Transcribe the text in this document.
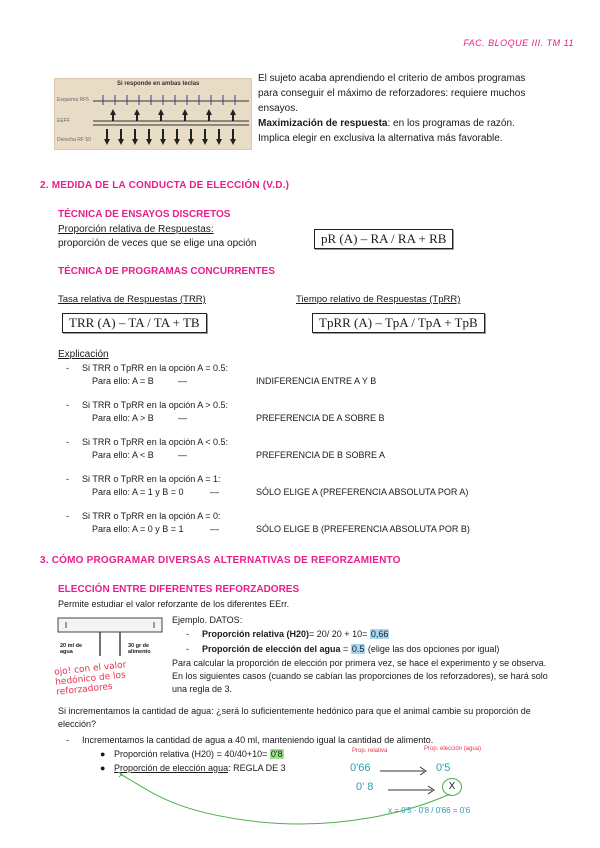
FAC. BLOQUE III. TM 11
Si responde en ambas teclas
Esquema RF5
EEFF
Derecha RF 50
El sujeto acaba aprendiendo el criterio de ambos programas para conseguir el máximo de reforzadores: requiere muchos ensayos.
Maximización de respuesta: en los programas de razón. Implica elegir en exclusiva la alternativa más favorable.
2. MEDIDA DE LA CONDUCTA DE ELECCIÓN (V.D.)
TÉCNICA DE ENSAYOS DISCRETOS
Proporción relativa de Respuestas:
proporción de veces que se elige una opción	pR (A) – RA / RA + RB
TÉCNICA DE PROGRAMAS CONCURRENTES
Tasa relativa de Respuestas (TRR)	Tiempo relativo de Respuestas (TpRR)
TRR (A) – TA / TA + TB	TpRR (A) – TpA / TpA + TpB
Explicación
- Si TRR o TpRR en la opción A = 0.5:
Para ello: A = B	—	INDIFERENCIA ENTRE A Y B
- Si TRR o TpRR en la opción A > 0.5:
Para ello: A > B	—	PREFERENCIA DE A SOBRE B
- Si TRR o TpRR en la opción A < 0.5:
Para ello: A < B	—	PREFERENCIA DE B SOBRE A
- Si TRR o TpRR en la opción A = 1:
Para ello: A = 1 y B = 0	—	SÓLO ELIGE A (PREFERENCIA ABSOLUTA POR A)
- Si TRR o TpRR en la opción A = 0:
Para ello: A = 0 y B = 1	—	SÓLO ELIGE B (PREFERENCIA ABSOLUTA POR B)
3. CÓMO PROGRAMAR DIVERSAS ALTERNATIVAS DE REFORZAMIENTO
ELECCIÓN ENTRE DIFERENTES REFORZADORES
Permite estudiar el valor reforzante de los diferentes EErr.
20 ml de agua
30 gr de alimento
ojo! con el valor hedónico de los reforzadores
Ejemplo. DATOS:
- Proporción relativa (H20)= 20/ 20 + 10= 0,66
- Proporción de elección del agua = 0.5 (elige las dos opciones por igual)
Para calcular la proporción de elección por primera vez, se hace el experimento y se observa. En los siguientes casos (cuando se cabían las proporciones de los reforzadores), se hará solo una regla de 3.
Si incrementamos la cantidad de agua: ¿será lo suficientemente hedónico para que el animal cambie su proporción de elección?
- Incrementamos la cantidad de agua a 40 ml, manteniendo igual la cantidad de alimento.
● Proporción relativa (H20) = 40/40+10= 0'8
● Proporción de elección agua: REGLA DE 3
Prop. relativa	Prop. elección (agua)
0'66	0'5
0' 8	X
x = 0'5 · 0'8 / 0'66 = 0'6
